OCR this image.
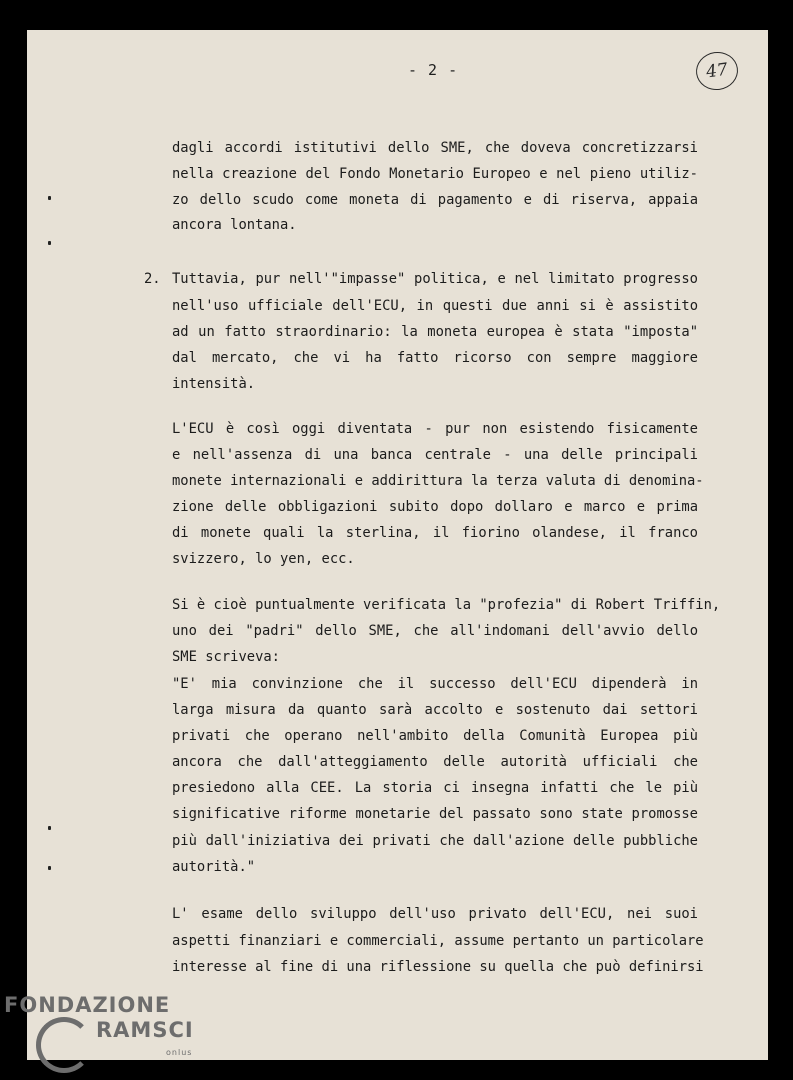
- 2 -	47
dagli accordi istitutivi dello SME, che doveva concretizzarsi
nella creazione del Fondo Monetario Europeo e nel pieno utiliz-
zo dello scudo come moneta di pagamento e di riserva, appaia
ancora lontana.
2. Tuttavia, pur nell'"impasse" politica, e nel limitato progresso
nell'uso ufficiale dell'ECU, in questi due anni si è assistito
ad un fatto straordinario: la moneta europea è stata "imposta"
dal mercato, che vi ha fatto ricorso con sempre maggiore
intensità.
L'ECU è così oggi diventata - pur non esistendo fisicamente
e nell'assenza di una banca centrale - una delle principali
monete internazionali e addirittura la terza valuta di denomina-
zione delle obbligazioni subito dopo dollaro e marco e prima
di monete quali la sterlina, il fiorino olandese, il franco
svizzero, lo yen, ecc.
Si è cioè puntualmente verificata la "profezia" di Robert Triffin,
uno dei "padri" dello SME, che all'indomani dell'avvio dello
SME scriveva:
"E' mia convinzione che il successo dell'ECU dipenderà in
larga misura da quanto sarà accolto e sostenuto dai settori
privati che operano nell'ambito della Comunità Europea più
ancora che dall'atteggiamento delle autorità ufficiali che
presiedono alla CEE. La storia ci insegna infatti che le più
significative riforme monetarie del passato sono state promosse
più dall'iniziativa dei privati che dall'azione delle pubbliche
autorità."
L' esame dello sviluppo dell'uso privato dell'ECU, nei suoi
aspetti finanziari e commerciali, assume pertanto un particolare
interesse al fine di una riflessione su quella che può definirsi
FONDAZIONE
RAMSCI
onlus
